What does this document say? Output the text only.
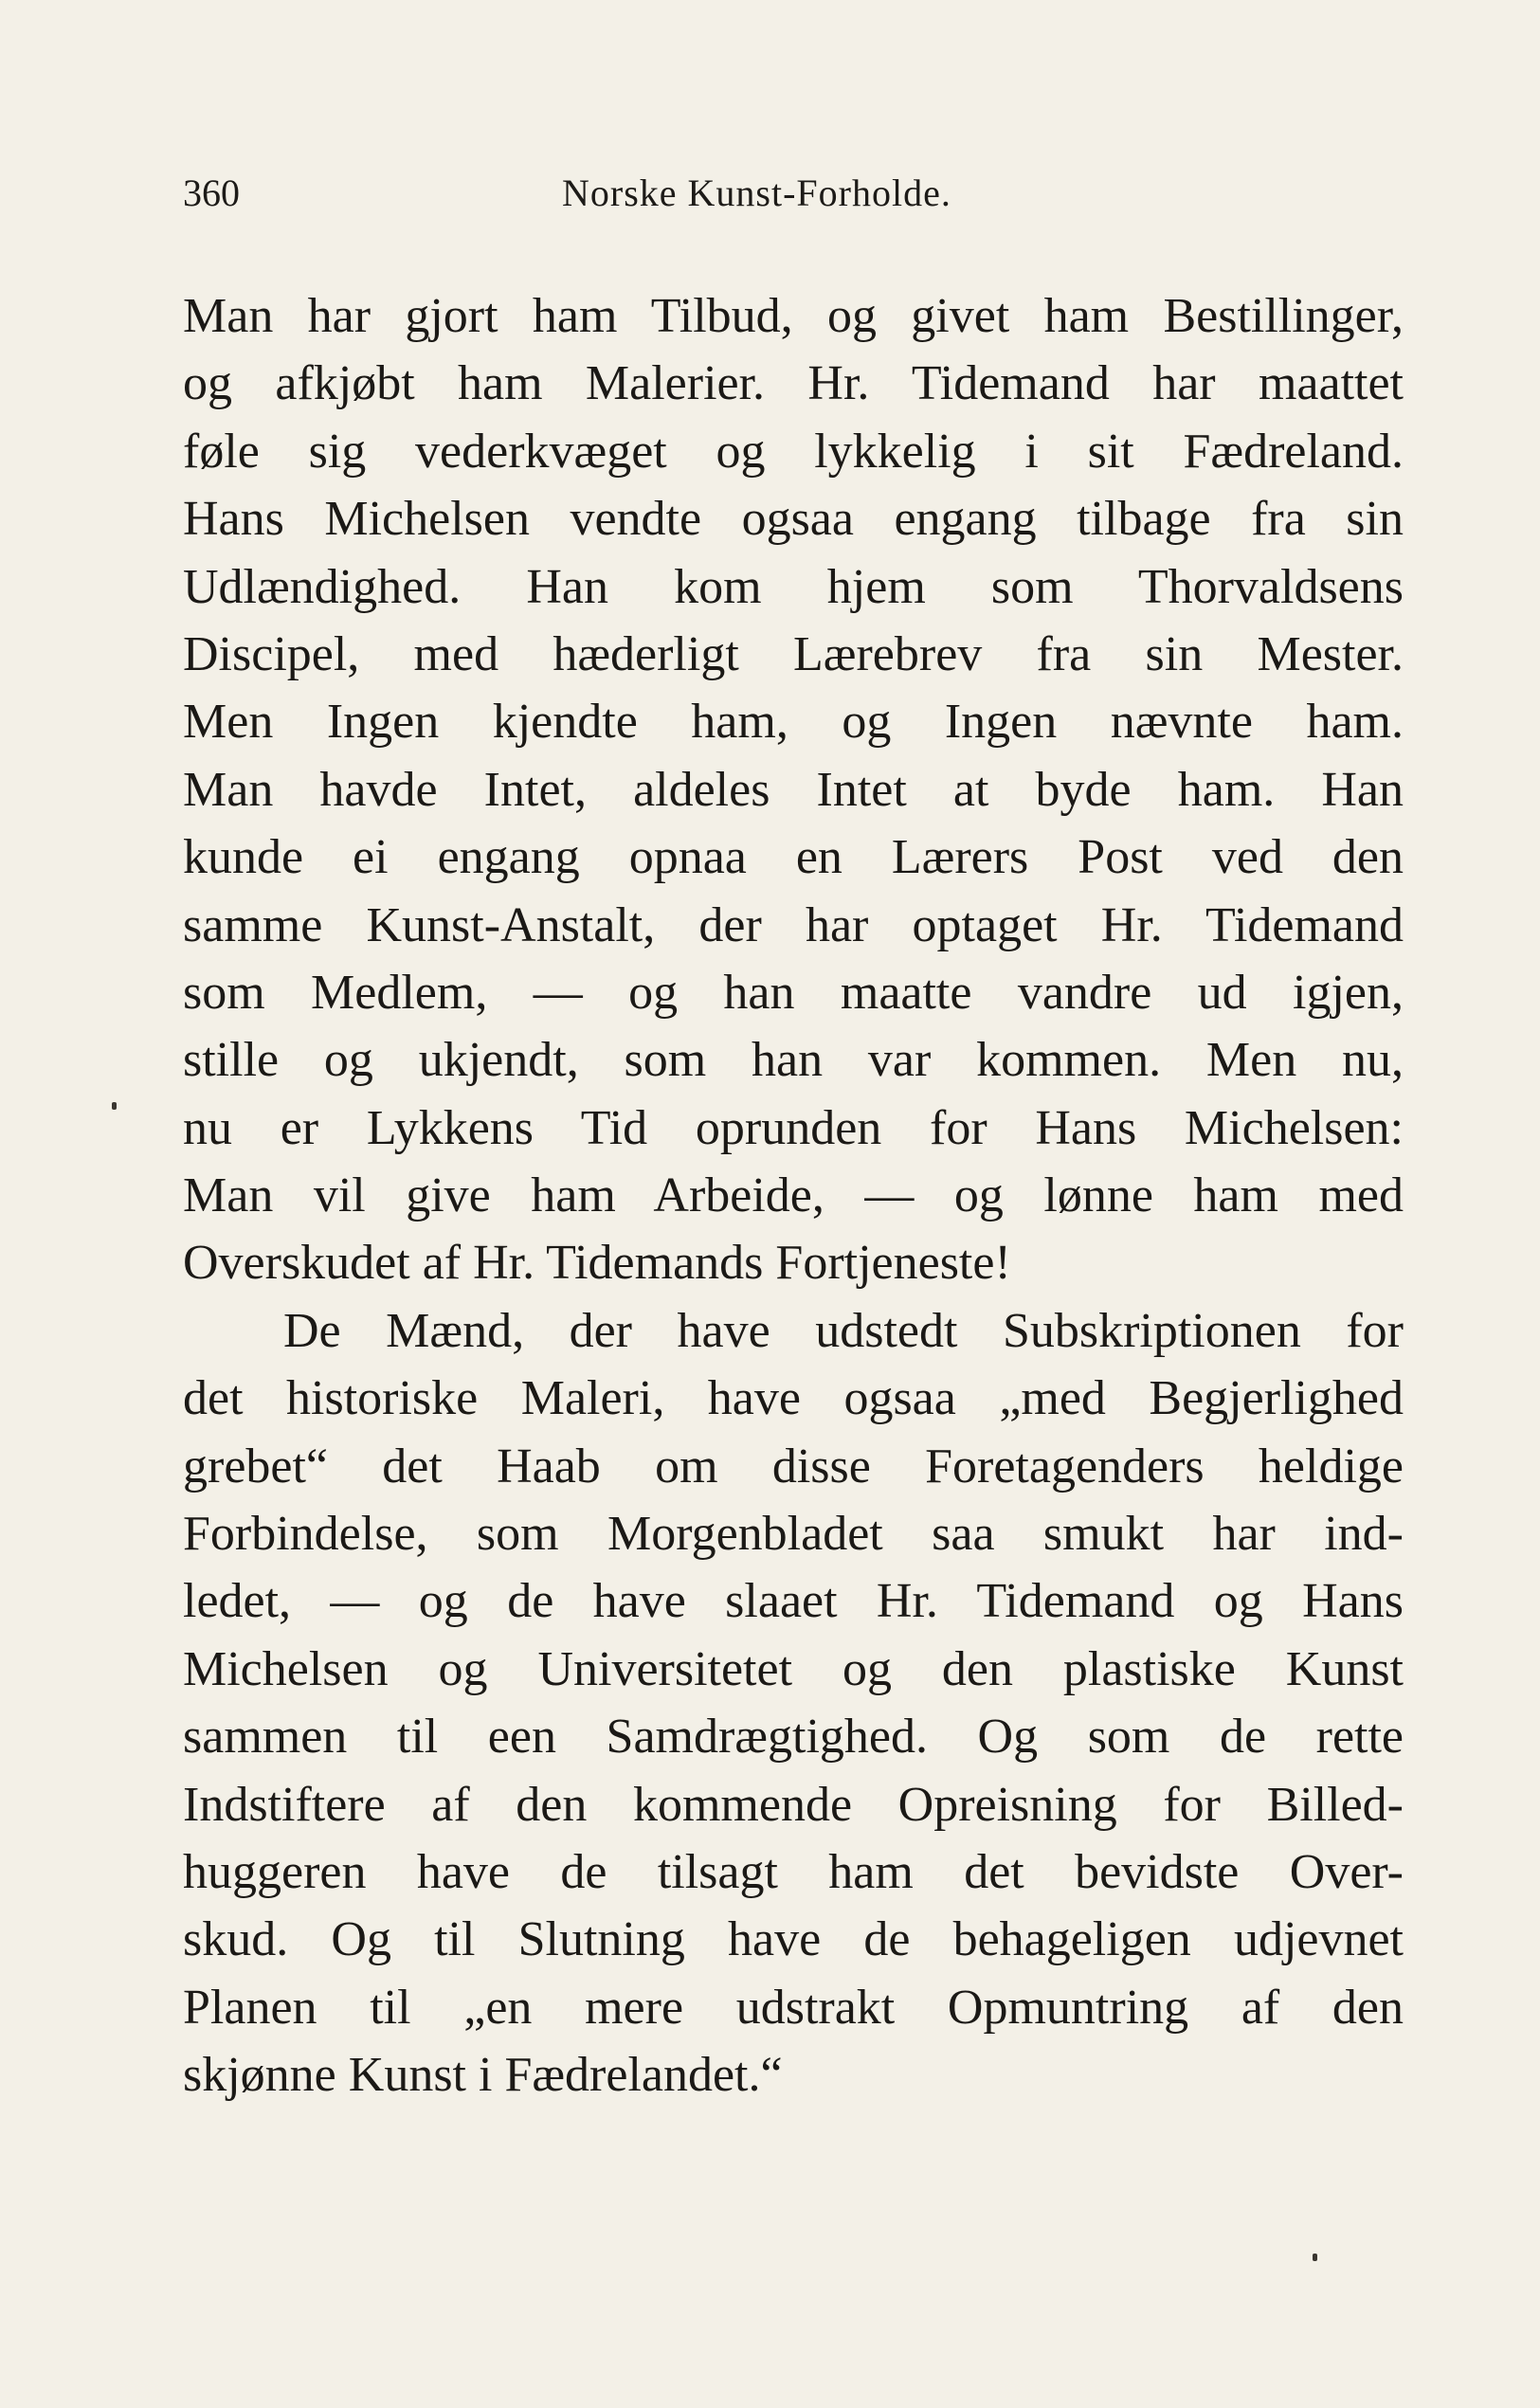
360	Norske Kunst-Forholde.
Man har gjort ham Tilbud, og givet ham Bestillinger,
og afkjøbt ham Malerier. Hr. Tidemand har maattet
føle sig vederkvæget og lykkelig i sit Fædreland.
Hans Michelsen vendte ogsaa engang tilbage fra sin
Udlændighed. Han kom hjem som Thorvaldsens
Discipel, med hæderligt Lærebrev fra sin Mester.
Men Ingen kjendte ham, og Ingen nævnte ham.
Man havde Intet, aldeles Intet at byde ham. Han
kunde ei engang opnaa en Lærers Post ved den
samme Kunst-Anstalt, der har optaget Hr. Tidemand
som Medlem, — og han maatte vandre ud igjen,
stille og ukjendt, som han var kommen. Men nu,
nu er Lykkens Tid oprunden for Hans Michelsen:
Man vil give ham Arbeide, — og lønne ham med
Overskudet af Hr. Tidemands Fortjeneste!
De Mænd, der have udstedt Subskriptionen for
det historiske Maleri, have ogsaa „med Begjerlighed
grebet“ det Haab om disse Foretagenders heldige
Forbindelse, som Morgenbladet saa smukt har ind-
ledet, — og de have slaaet Hr. Tidemand og Hans
Michelsen og Universitetet og den plastiske Kunst
sammen til een Samdrægtighed. Og som de rette
Indstiftere af den kommende Opreisning for Billed-
huggeren have de tilsagt ham det bevidste Over-
skud. Og til Slutning have de behageligen udjevnet
Planen til „en mere udstrakt Opmuntring af den
skjønne Kunst i Fædrelandet.“
